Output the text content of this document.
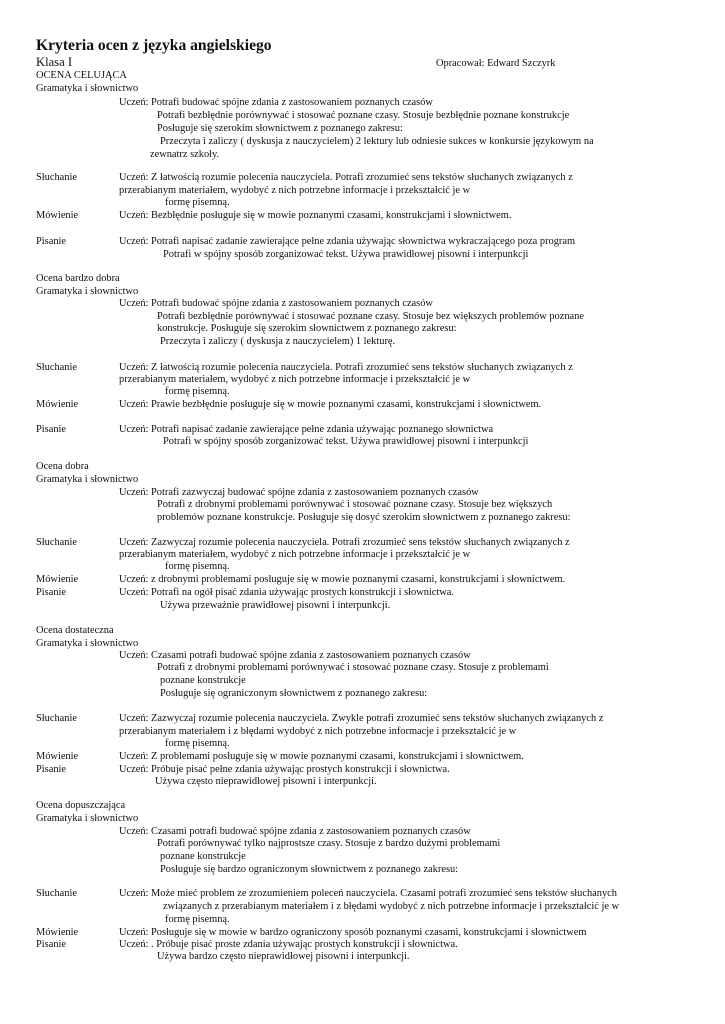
Kryteria ocen z języka angielskiego
Klasa I	Opracował: Edward Szczyrk
OCENA CELUJĄCA
Gramatyka i słownictwo
Uczeń: Potrafi budować spójne zdania z zastosowaniem poznanych czasów
Potrafi bezbłędnie porównywać i stosować poznane czasy. Stosuje bezbłędnie poznane konstrukcje
Posługuje się szerokim słownictwem z poznanego zakresu:
Przeczyta i zaliczy ( dyskusja z nauczycielem) 2 lektury lub odniesie sukces w konkursie językowym na
zewnatrz szkoły.
Słuchanie	Uczeń: Z łatwością rozumie polecenia nauczyciela. Potrafi zrozumieć sens tekstów słuchanych związanych z
przerabianym materiałem, wydobyć z nich potrzebne informacje i przekształcić je w
formę pisemną.
Mówienie	Uczeń: Bezbłędnie posługuje się w mowie poznanymi czasami, konstrukcjami i słownictwem.
Pisanie	Uczeń: Potrafi napisać zadanie zawierające pełne zdania używając słownictwa wykraczającego poza program
Potrafi w spójny sposób zorganizować tekst. Używa prawidłowej pisowni i interpunkcji
Ocena bardzo dobra
Gramatyka i słownictwo
Uczeń: Potrafi budować spójne zdania z zastosowaniem poznanych czasów
Potrafi bezbłędnie porównywać i stosować poznane czasy. Stosuje bez większych problemów poznane
konstrukcje. Posługuje się szerokim słownictwem z poznanego zakresu:
Przeczyta i zaliczy ( dyskusja z nauczycielem) 1 lekturę.
Słuchanie	Uczeń: Z łatwością rozumie polecenia nauczyciela. Potrafi zrozumieć sens tekstów słuchanych związanych z
przerabianym materiałem, wydobyć z nich potrzebne informacje i przekształcić je w
formę pisemną.
Mówienie	Uczeń: Prawie bezbłędnie posługuje się w mowie poznanymi czasami, konstrukcjami i słownictwem.
Pisanie	Uczeń: Potrafi napisać zadanie zawierające pełne zdania używając poznanego słownictwa
Potrafi w spójny sposób zorganizować tekst. Używa prawidłowej pisowni i interpunkcji
Ocena dobra
Gramatyka i słownictwo
Uczeń: Potrafi zazwyczaj budować spójne zdania z zastosowaniem poznanych czasów
Potrafi z drobnymi problemami porównywać i stosować poznane czasy. Stosuje bez większych
problemów poznane konstrukcje. Posługuje się dosyć szerokim słownictwem z poznanego zakresu:
Słuchanie	Uczeń: Zazwyczaj rozumie polecenia nauczyciela. Potrafi zrozumieć sens tekstów słuchanych związanych z
przerabianym materiałem, wydobyć z nich potrzebne informacje i przekształcić je w
formę pisemną.
Mówienie	Uczeń: z drobnymi problemami posługuje się w mowie poznanymi czasami, konstrukcjami i słownictwem.
Pisanie	Uczeń: Potrafi na ogół pisać zdania używając prostych konstrukcji i słownictwa.
Używa przeważnie prawidłowej pisowni i interpunkcji.
Ocena dostateczna
Gramatyka i słownictwo
Uczeń: Czasami potrafi budować spójne zdania z zastosowaniem poznanych czasów
Potrafi z drobnymi problemami porównywać i stosować poznane czasy. Stosuje z problemami
poznane konstrukcje
Posługuje się ograniczonym słownictwem z poznanego zakresu:
Słuchanie	Uczeń: Zazwyczaj rozumie polecenia nauczyciela. Zwykle potrafi zrozumieć sens tekstów słuchanych związanych z
przerabianym materiałem i z błędami wydobyć z nich potrzebne informacje i przekształcić je w
formę pisemną.
Mówienie	Uczeń: Z problemami posługuje się w mowie poznanymi czasami, konstrukcjami i słownictwem.
Pisanie	Uczeń: Próbuje pisać pełne zdania używając prostych konstrukcji i słownictwa.
Używa często nieprawidłowej pisowni i interpunkcji.
Ocena dopuszczająca
Gramatyka i słownictwo
Uczeń: Czasami potrafi budować spójne zdania z zastosowaniem poznanych czasów
Potrafi porównywać tylko najprostsze czasy. Stosuje z bardzo dużymi problemami
poznane konstrukcje
Posługuje się bardzo ograniczonym słownictwem z poznanego zakresu:
Słuchanie	Uczeń: Może mieć problem ze zrozumieniem poleceń nauczyciela. Czasami potrafi zrozumieć sens tekstów słuchanych
związanych z przerabianym materiałem i z błędami wydobyć z nich potrzebne informacje i przekształcić je w
formę pisemną.
Mówienie	Uczeń: Posługuje się w mowie w bardzo ograniczony sposób poznanymi czasami, konstrukcjami i słownictwem
Pisanie	Uczeń: . Próbuje pisać proste zdania używając prostych konstrukcji i słownictwa.
Używa bardzo często nieprawidłowej pisowni i interpunkcji.
